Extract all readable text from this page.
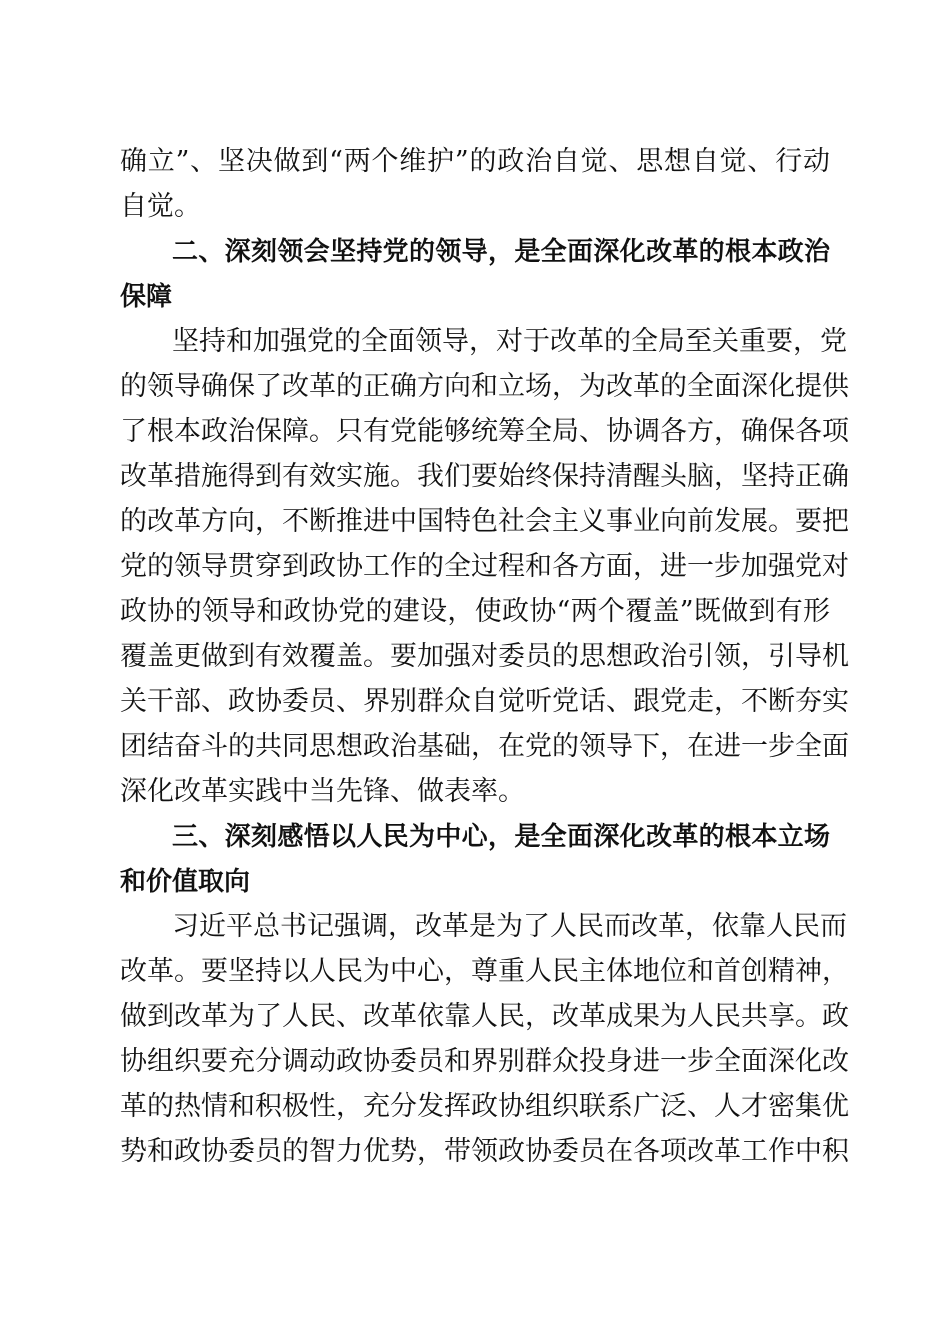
确立”、坚决做到“两个维护”的政治自觉、思想自觉、行动
自觉。
二、深刻领会坚持党的领导，是全面深化改革的根本政治
保障
坚持和加强党的全面领导，对于改革的全局至关重要，党
的领导确保了改革的正确方向和立场，为改革的全面深化提供
了根本政治保障。只有党能够统筹全局、协调各方，确保各项
改革措施得到有效实施。我们要始终保持清醒头脑，坚持正确
的改革方向，不断推进中国特色社会主义事业向前发展。要把
党的领导贯穿到政协工作的全过程和各方面，进一步加强党对
政协的领导和政协党的建设，使政协“两个覆盖”既做到有形
覆盖更做到有效覆盖。要加强对委员的思想政治引领，引导机
关干部、政协委员、界别群众自觉听党话、跟党走，不断夯实
团结奋斗的共同思想政治基础，在党的领导下，在进一步全面
深化改革实践中当先锋、做表率。
三、深刻感悟以人民为中心，是全面深化改革的根本立场
和价值取向
习近平总书记强调，改革是为了人民而改革，依靠人民而
改革。要坚持以人民为中心，尊重人民主体地位和首创精神，
做到改革为了人民、改革依靠人民，改革成果为人民共享。政
协组织要充分调动政协委员和界别群众投身进一步全面深化改
革的热情和积极性，充分发挥政协组织联系广泛、人才密集优
势和政协委员的智力优势，带领政协委员在各项改革工作中积
